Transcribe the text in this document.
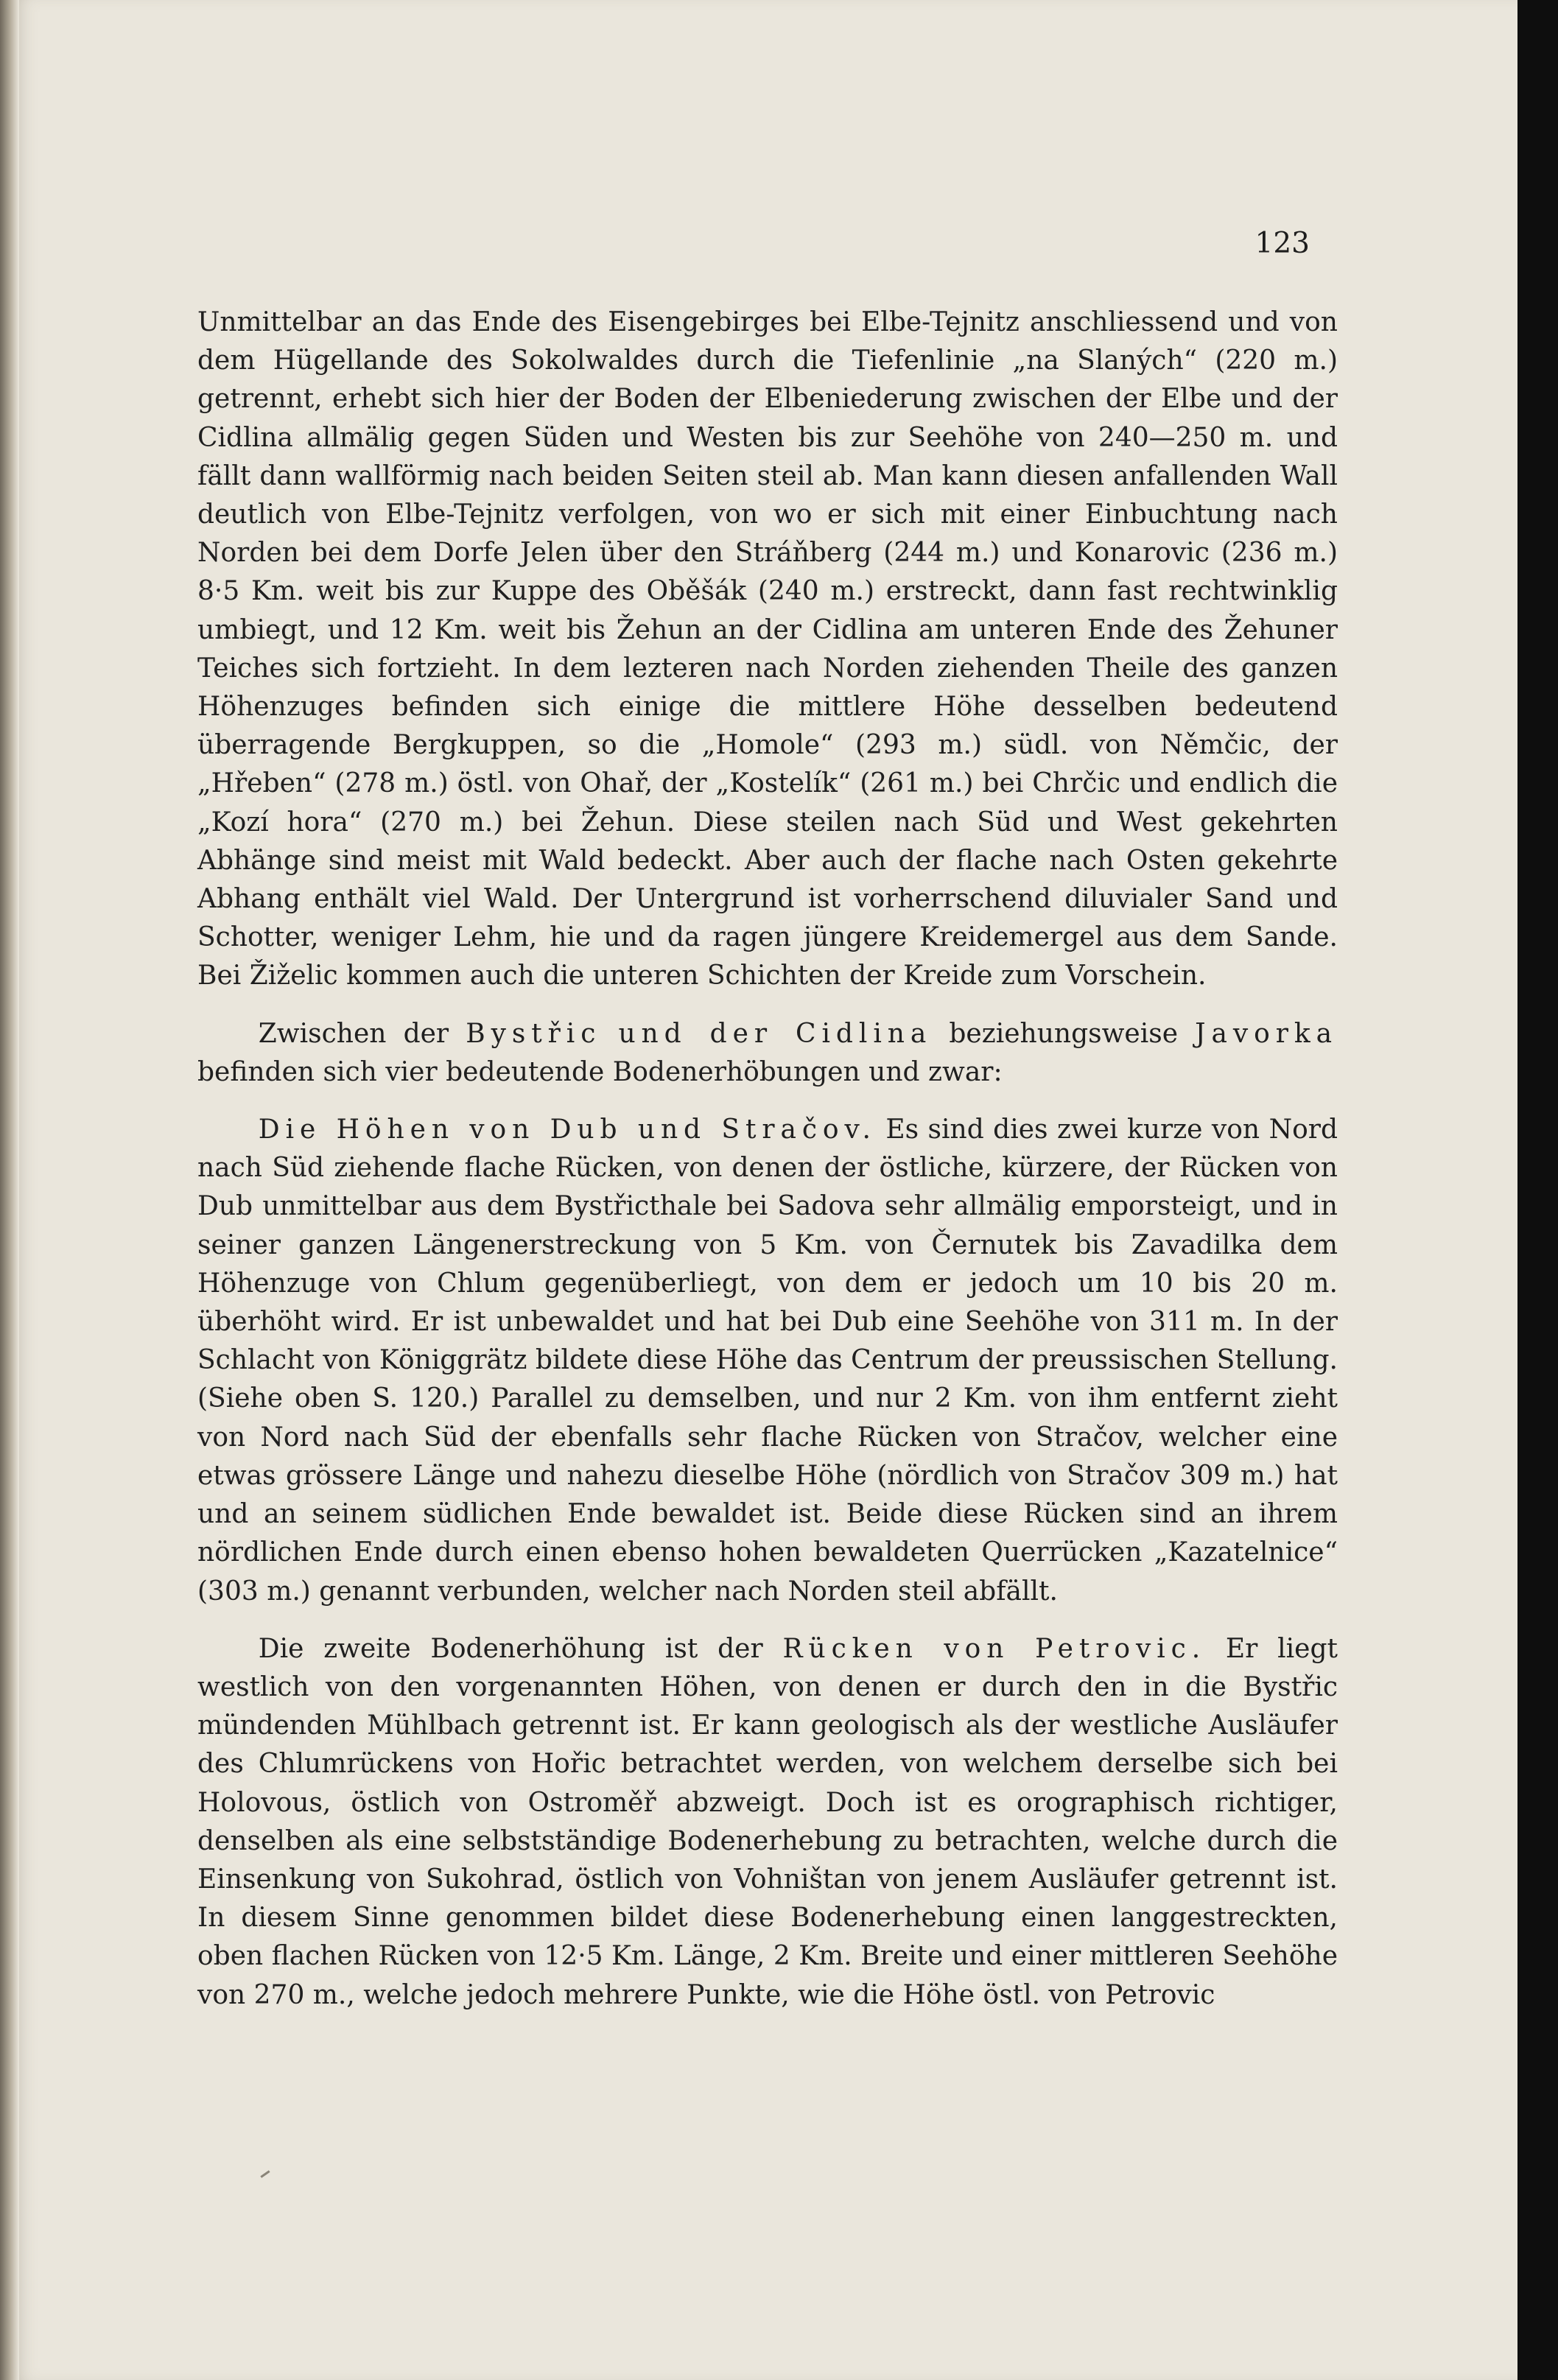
123

Unmittelbar an das Ende des Eisengebirges bei Elbe-Tejnitz anschliessend und von dem Hügellande des Sokolwaldes durch die Tiefenlinie „na Slaných“ (220 m.) getrennt, erhebt sich hier der Boden der Elbeniederung zwischen der Elbe und der Cidlina allmälig gegen Süden und Westen bis zur Seehöhe von 240—250 m. und fällt dann wallförmig nach beiden Seiten steil ab. Man kann diesen anfallenden Wall deutlich von Elbe-Tejnitz verfolgen, von wo er sich mit einer Einbuchtung nach Norden bei dem Dorfe Jelen über den Stráňberg (244 m.) und Konarovic (236 m.) 8·5 Km. weit bis zur Kuppe des Oběšák (240 m.) erstreckt, dann fast rechtwinklig umbiegt, und 12 Km. weit bis Žehun an der Cidlina am unteren Ende des Žehuner Teiches sich fortzieht. In dem lezteren nach Norden ziehenden Theile des ganzen Höhenzuges befinden sich einige die mittlere Höhe desselben bedeutend überragende Bergkuppen, so die „Homole“ (293 m.) südl. von Němčic, der „Hřeben“ (278 m.) östl. von Ohař, der „Kostelík“ (261 m.) bei Chrčic und endlich die „Kozí hora“ (270 m.) bei Žehun. Diese steilen nach Süd und West gekehrten Abhänge sind meist mit Wald bedeckt. Aber auch der flache nach Osten gekehrte Abhang enthält viel Wald. Der Untergrund ist vorherrschend diluvialer Sand und Schotter, weniger Lehm, hie und da ragen jüngere Kreidemergel aus dem Sande. Bei Žiželic kommen auch die unteren Schichten der Kreide zum Vorschein.

Zwischen der Bystřic und der Cidlina beziehungsweise Javorka befinden sich vier bedeutende Bodenerhöbungen und zwar:

Die Höhen von Dub und Stračov. Es sind dies zwei kurze von Nord nach Süd ziehende flache Rücken, von denen der östliche, kürzere, der Rücken von Dub unmittelbar aus dem Bystřicthale bei Sadova sehr allmälig emporsteigt, und in seiner ganzen Längenerstreckung von 5 Km. von Černutek bis Zavadilka dem Höhenzuge von Chlum gegenüberliegt, von dem er jedoch um 10 bis 20 m. überhöht wird. Er ist unbewaldet und hat bei Dub eine Seehöhe von 311 m. In der Schlacht von Königgrätz bildete diese Höhe das Centrum der preussischen Stellung. (Siehe oben S. 120.) Parallel zu demselben, und nur 2 Km. von ihm entfernt zieht von Nord nach Süd der ebenfalls sehr flache Rücken von Stračov, welcher eine etwas grössere Länge und nahezu dieselbe Höhe (nördlich von Stračov 309 m.) hat und an seinem südlichen Ende bewaldet ist. Beide diese Rücken sind an ihrem nördlichen Ende durch einen ebenso hohen bewaldeten Querrücken „Kazatelnice“ (303 m.) genannt verbunden, welcher nach Norden steil abfällt.

Die zweite Bodenerhöhung ist der Rücken von Petrovic. Er liegt westlich von den vorgenannten Höhen, von denen er durch den in die Bystřic mündenden Mühlbach getrennt ist. Er kann geologisch als der westliche Ausläufer des Chlumrückens von Hořic betrachtet werden, von welchem derselbe sich bei Holovous, östlich von Ostroměř abzweigt. Doch ist es orographisch richtiger, denselben als eine selbstständige Bodenerhebung zu betrachten, welche durch die Einsenkung von Sukohrad, östlich von Vohništan von jenem Ausläufer getrennt ist. In diesem Sinne genommen bildet diese Bodenerhebung einen langgestreckten, oben flachen Rücken von 12·5 Km. Länge, 2 Km. Breite und einer mittleren Seehöhe von 270 m., welche jedoch mehrere Punkte, wie die Höhe östl. von Petrovic
